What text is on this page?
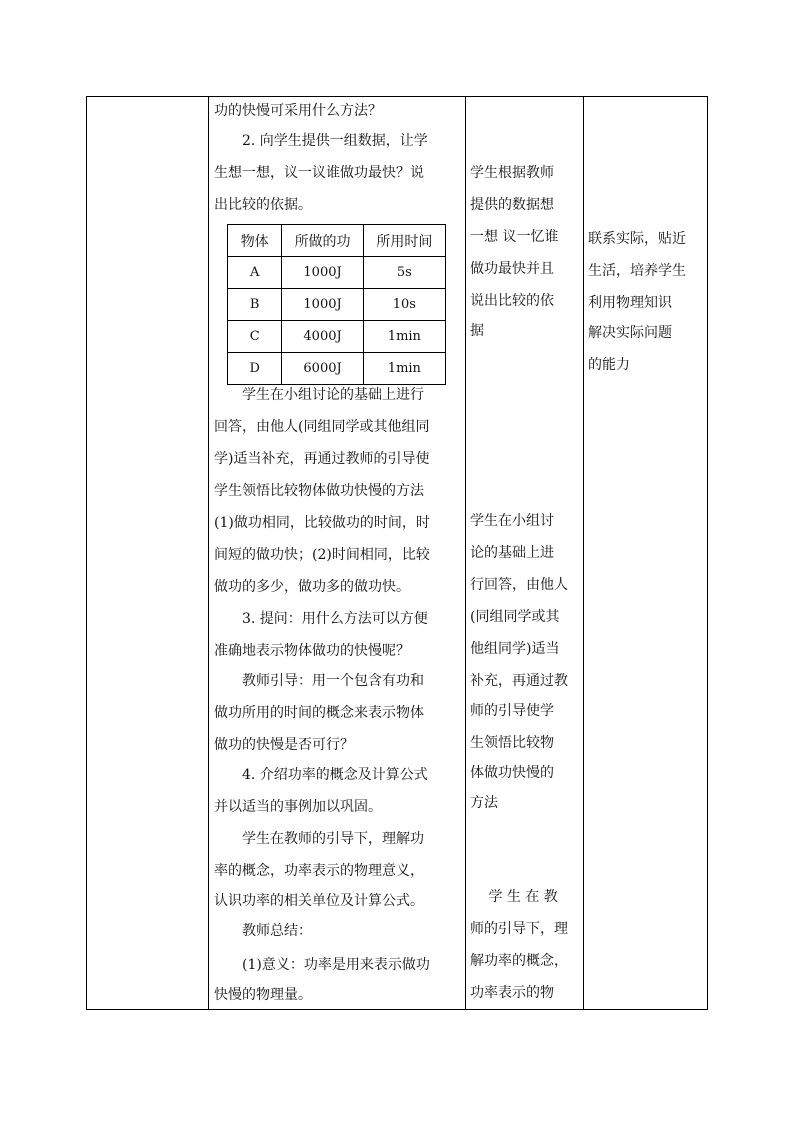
物体	所做的功	所用时间
A	1000J	5s
B	1000J	10s
C	4000J	1min
D	6000J	1min
功的快慢可采用什么方法？
　　2. 向学生提供一组数据，让学
生想一想，议一议谁做功最快？说
出比较的依据。
　　学生在小组讨论的基础上进行
回答，由他人(同组同学或其他组同
学)适当补充，再通过教师的引导使
学生领悟比较物体做功快慢的方法
(1)做功相同，比较做功的时间，时
间短的做功快；(2)时间相同，比较
做功的多少，做功多的做功快。
　　3. 提问：用什么方法可以方便
准确地表示物体做功的快慢呢？
　　教师引导：用一个包含有功和
做功所用的时间的概念来表示物体
做功的快慢是否可行？
　　4. 介绍功率的概念及计算公式
并以适当的事例加以巩固。
　　学生在教师的引导下，理解功
率的概念，功率表示的物理意义，
认识功率的相关单位及计算公式。
　　教师总结：
　　(1)意义：功率是用来表示做功
快慢的物理量。
学生根据教师
提供的数据想
一想 议一忆谁
做功最快并且
说出比较的依
据
学生在小组讨
论的基础上进
行回答，由他人
(同组同学或其
他组同学)适当
补充，再通过教
师的引导使学
生领悟比较物
体做功快慢的
方法
　 学 生 在 教
师的引导下，理
解功率的概念，
功率表示的物
联系实际，贴近
生活，培养学生
利用物理知识
解决实际问题
的能力
